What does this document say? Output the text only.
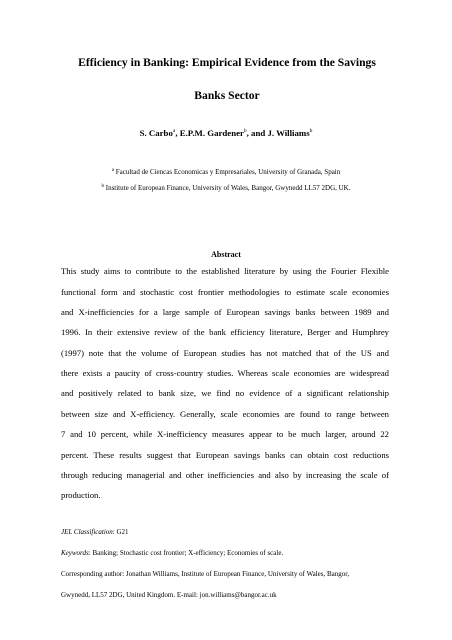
Efficiency in Banking: Empirical Evidence from the Savings
Banks Sector
S. Carbo$^a$, E.P.M. Gardener$^b$, and J. Williams$^b$
$^a$ Facultad de Ciencas Economicas y Empresariales, University of Granada, Spain
$^b$ Institute of European Finance, University of Wales, Bangor, Gwynedd LL57 2DG, UK.
Abstract
This study aims to contribute to the established literature by using the Fourier Flexible
functional form and stochastic cost frontier methodologies to estimate scale economies
and X-inefficiencies for a large sample of European savings banks between 1989 and
1996. In their extensive review of the bank efficiency literature, Berger and Humphrey
(1997) note that the volume of European studies has not matched that of the US and
there exists a paucity of cross-country studies. Whereas scale economies are widespread
and positively related to bank size, we find no evidence of a significant relationship
between size and X-efficiency. Generally, scale economies are found to range between
7 and 10 percent, while X-inefficiency measures appear to be much larger, around 22
percent. These results suggest that European savings banks can obtain cost reductions
through reducing managerial and other inefficiencies and also by increasing the scale of
production.
JEL Classification: G21
Keywords: Banking; Stochastic cost frontier; X-efficiency; Economies of scale.
Corresponding author: Jonathan Williams, Institute of European Finance, University of Wales, Bangor,
Gwynedd, LL57 2DG, United Kingdom. E-mail: jon.williams@bangor.ac.uk
